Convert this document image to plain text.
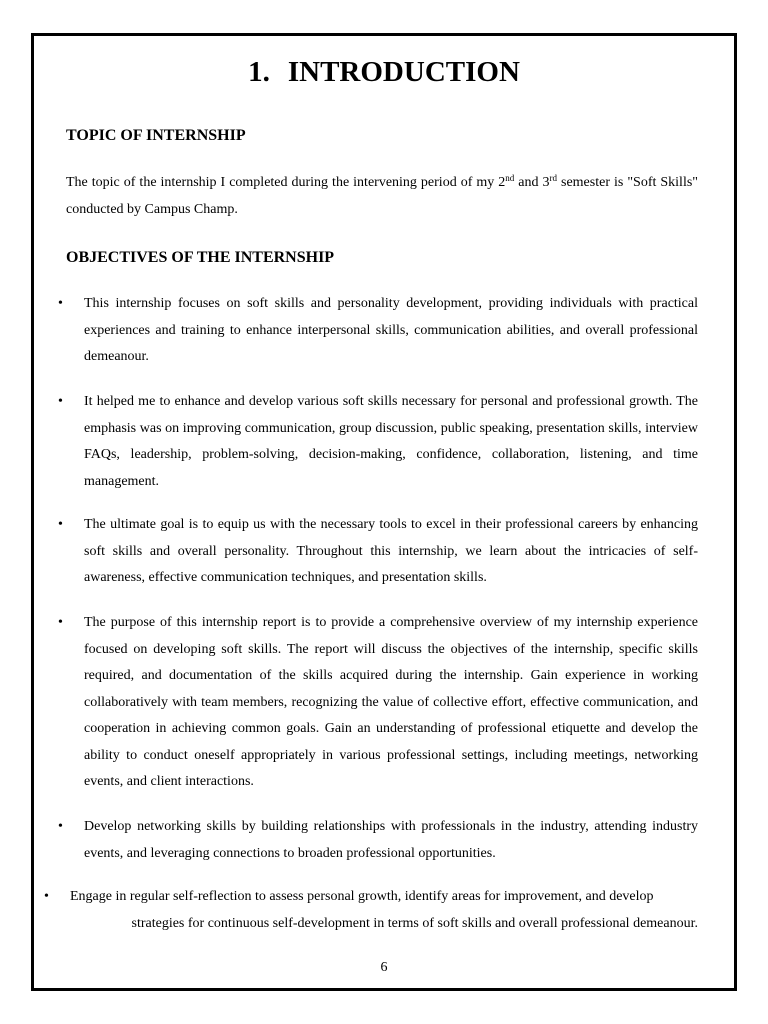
1. INTRODUCTION
TOPIC OF INTERNSHIP
The topic of the internship I completed during the intervening period of my 2nd and 3rd semester is "Soft Skills" conducted by Campus Champ.
OBJECTIVES OF THE INTERNSHIP
• This internship focuses on soft skills and personality development, providing individuals with practical experiences and training to enhance interpersonal skills, communication abilities, and overall professional demeanour.
• It helped me to enhance and develop various soft skills necessary for personal and professional growth. The emphasis was on improving communication, group discussion, public speaking, presentation skills, interview FAQs, leadership, problem-solving, decision-making, confidence, collaboration, listening, and time management.
• The ultimate goal is to equip us with the necessary tools to excel in their professional careers by enhancing soft skills and overall personality. Throughout this internship, we learn about the intricacies of self-awareness, effective communication techniques, and presentation skills.
• The purpose of this internship report is to provide a comprehensive overview of my internship experience focused on developing soft skills. The report will discuss the objectives of the internship, specific skills required, and documentation of the skills acquired during the internship. Gain experience in working collaboratively with team members, recognizing the value of collective effort, effective communication, and cooperation in achieving common goals. Gain an understanding of professional etiquette and develop the ability to conduct oneself appropriately in various professional settings, including meetings, networking events, and client interactions.
• Develop networking skills by building relationships with professionals in the industry, attending industry events, and leveraging connections to broaden professional opportunities.
• Engage in regular self-reflection to assess personal growth, identify areas for improvement, and develop
strategies for continuous self-development in terms of soft skills and overall professional demeanour.
6
